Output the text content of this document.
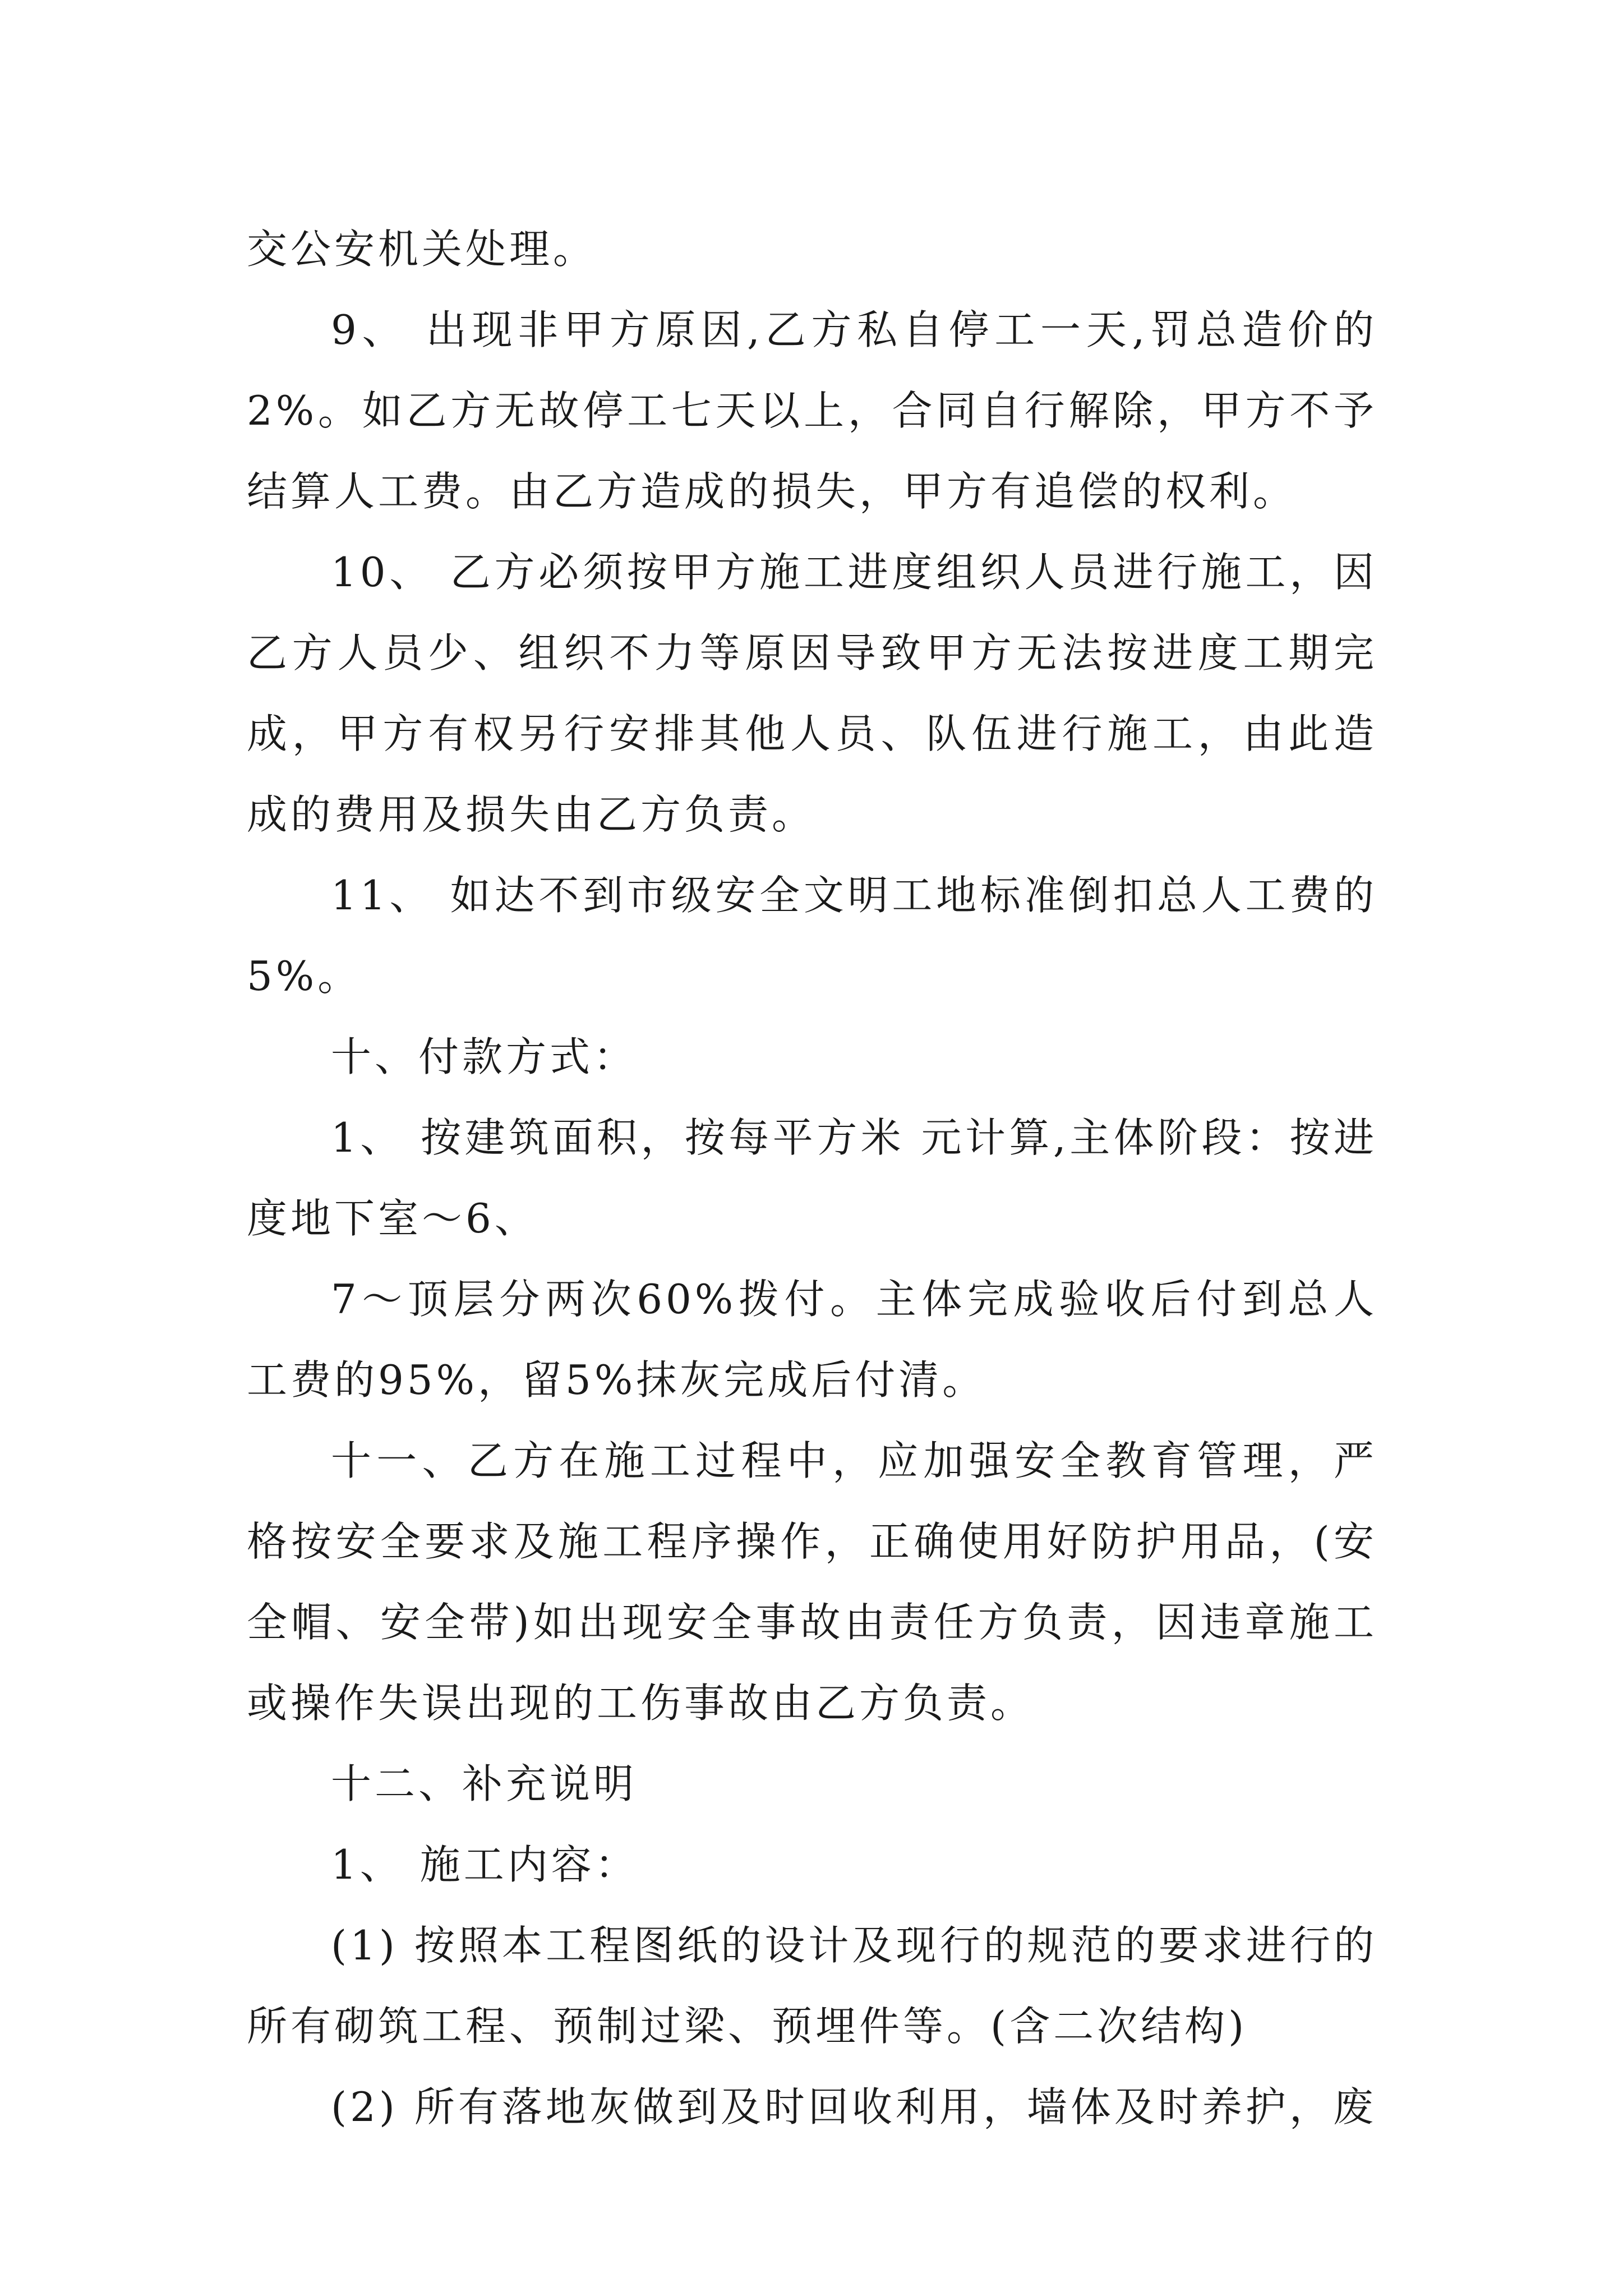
交公安机关处理。

9、 出现非甲方原因,乙方私自停工一天,罚总造价的2%。如乙方无故停工七天以上，合同自行解除，甲方不予结算人工费。由乙方造成的损失，甲方有追偿的权利。

10、 乙方必须按甲方施工进度组织人员进行施工，因乙方人员少、组织不力等原因导致甲方无法按进度工期完成，甲方有权另行安排其他人员、队伍进行施工，由此造成的费用及损失由乙方负责。

11、 如达不到市级安全文明工地标准倒扣总人工费的5%。

十、付款方式：

1、 按建筑面积，按每平方米 元计算,主体阶段：按进度地下室～6、

7～顶层分两次60%拨付。主体完成验收后付到总人工费的95%，留5%抹灰完成后付清。

十一、乙方在施工过程中，应加强安全教育管理，严格按安全要求及施工程序操作，正确使用好防护用品，(安全帽、安全带)如出现安全事故由责任方负责，因违章施工或操作失误出现的工伤事故由乙方负责。

十二、补充说明

1、 施工内容：

(1) 按照本工程图纸的设计及现行的规范的要求进行的所有砌筑工程、预制过梁、预埋件等。(含二次结构)

(2) 所有落地灰做到及时回收利用，墙体及时养护，废
